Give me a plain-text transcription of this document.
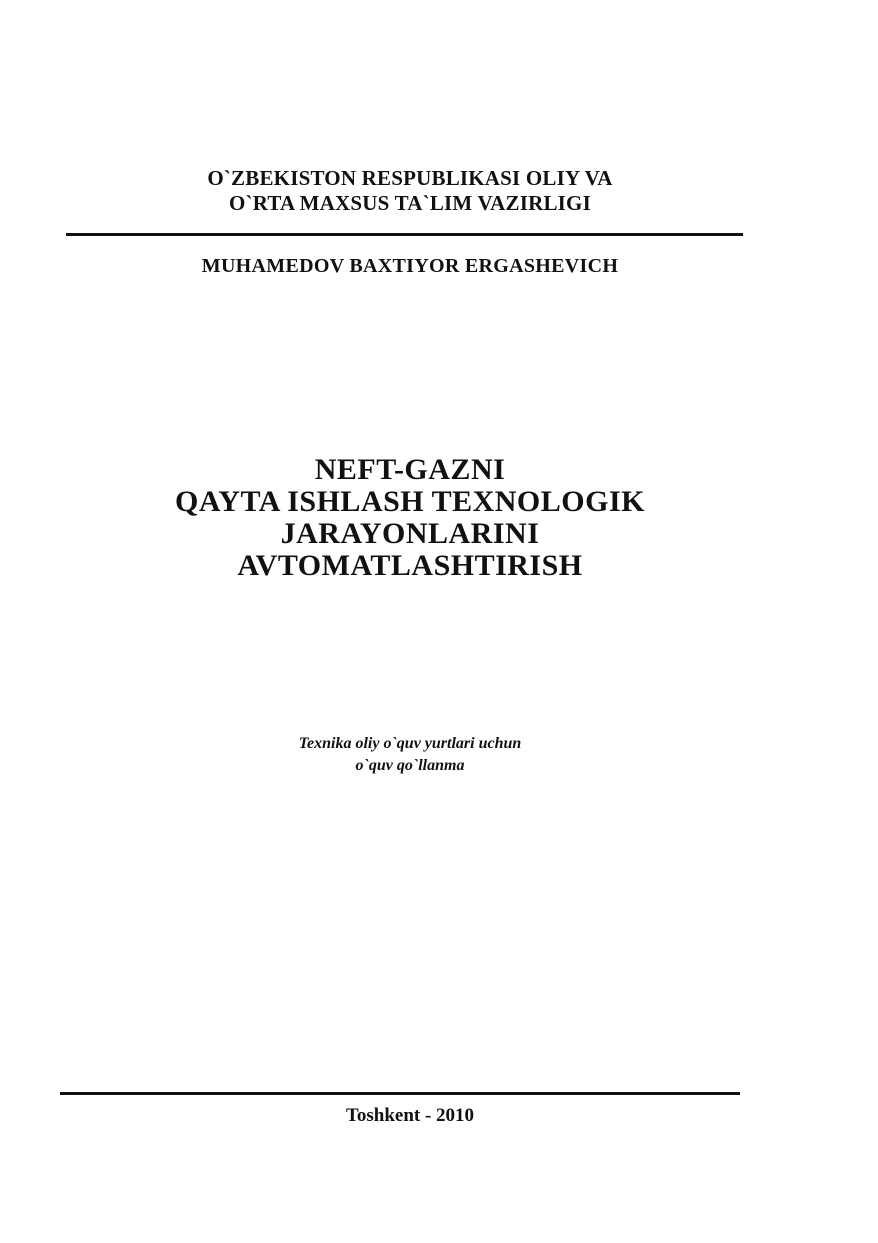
O`ZBEKISTON RESPUBLIKASI OLIY VA
O`RTA MAXSUS TA`LIM VAZIRLIGI
MUHAMEDOV BAXTIYOR ERGASHEVICH
NEFT-GAZNI
QAYTA ISHLASH TEXNOLOGIK
JARAYONLARINI
AVTOMATLASHTIRISH
Texnika oliy o`quv yurtlari uchun
o`quv qo`llanma
Toshkent - 2010
